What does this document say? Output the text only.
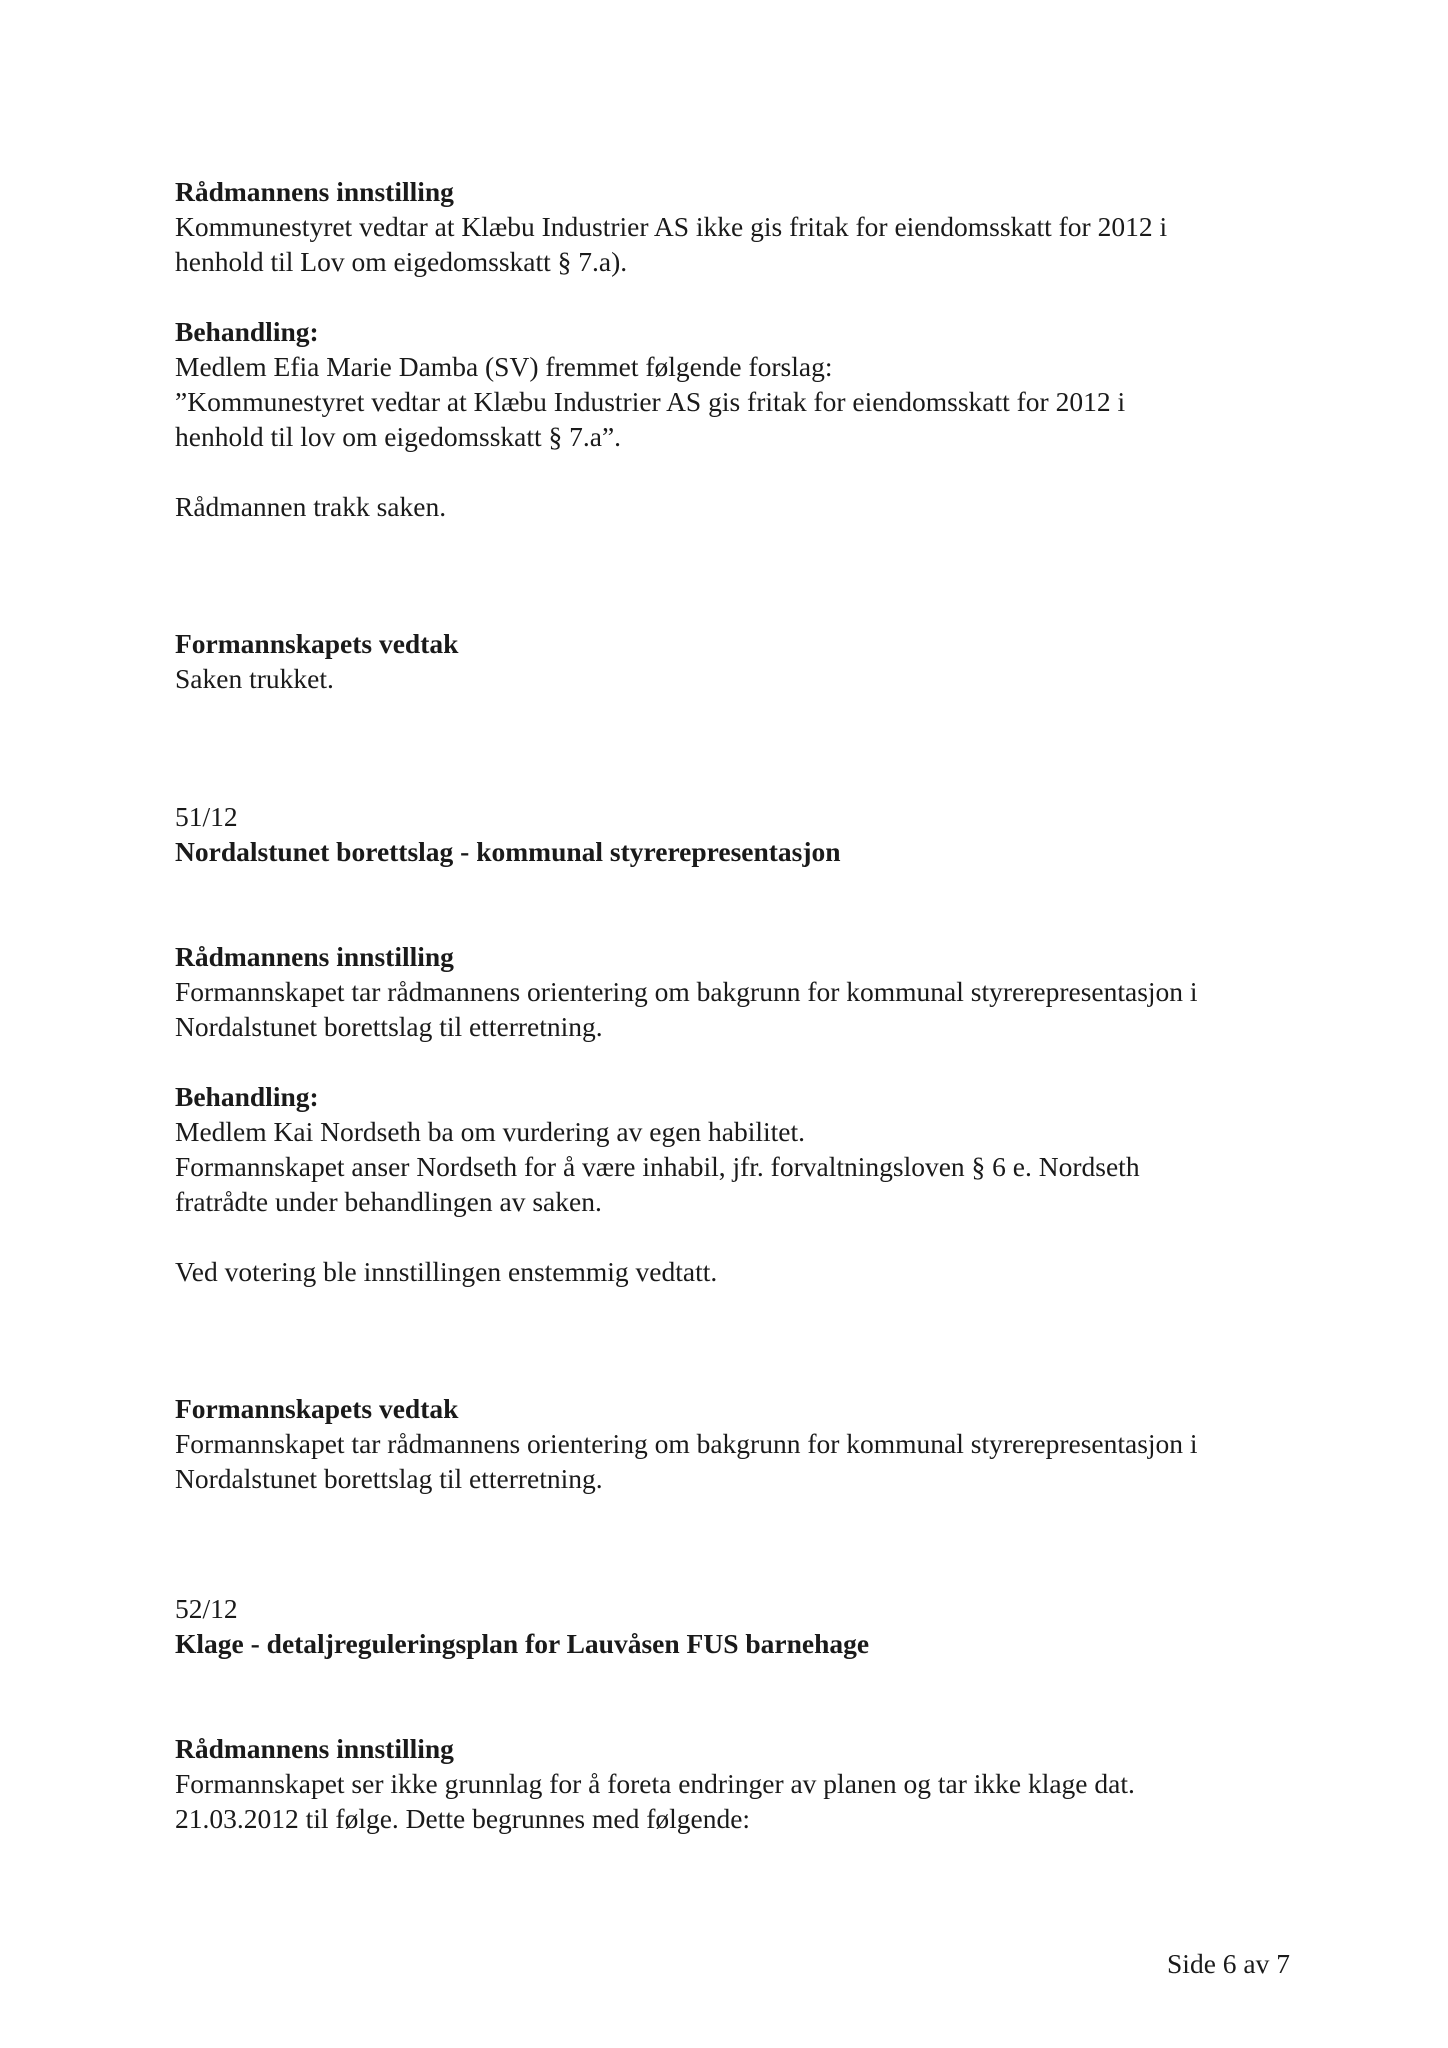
Rådmannens innstilling
Kommunestyret vedtar at Klæbu Industrier AS ikke gis fritak for eiendomsskatt for 2012 i
henhold til Lov om eigedomsskatt § 7.a).
Behandling:
Medlem Efia Marie Damba (SV) fremmet følgende forslag:
”Kommunestyret vedtar at Klæbu Industrier AS gis fritak for eiendomsskatt for 2012 i
henhold til lov om eigedomsskatt § 7.a”.
Rådmannen trakk saken.
Formannskapets vedtak
Saken trukket.
51/12
Nordalstunet borettslag - kommunal styrerepresentasjon
Rådmannens innstilling
Formannskapet tar rådmannens orientering om bakgrunn for kommunal styrerepresentasjon i
Nordalstunet borettslag til etterretning.
Behandling:
Medlem Kai Nordseth ba om vurdering av egen habilitet.
Formannskapet anser Nordseth for å være inhabil, jfr. forvaltningsloven § 6 e. Nordseth
fratrådte under behandlingen av saken.
Ved votering ble innstillingen enstemmig vedtatt.
Formannskapets vedtak
Formannskapet tar rådmannens orientering om bakgrunn for kommunal styrerepresentasjon i
Nordalstunet borettslag til etterretning.
52/12
Klage - detaljreguleringsplan for Lauvåsen FUS barnehage
Rådmannens innstilling
Formannskapet ser ikke grunnlag for å foreta endringer av planen og tar ikke klage dat.
21.03.2012 til følge. Dette begrunnes med følgende:
Side 6 av 7
